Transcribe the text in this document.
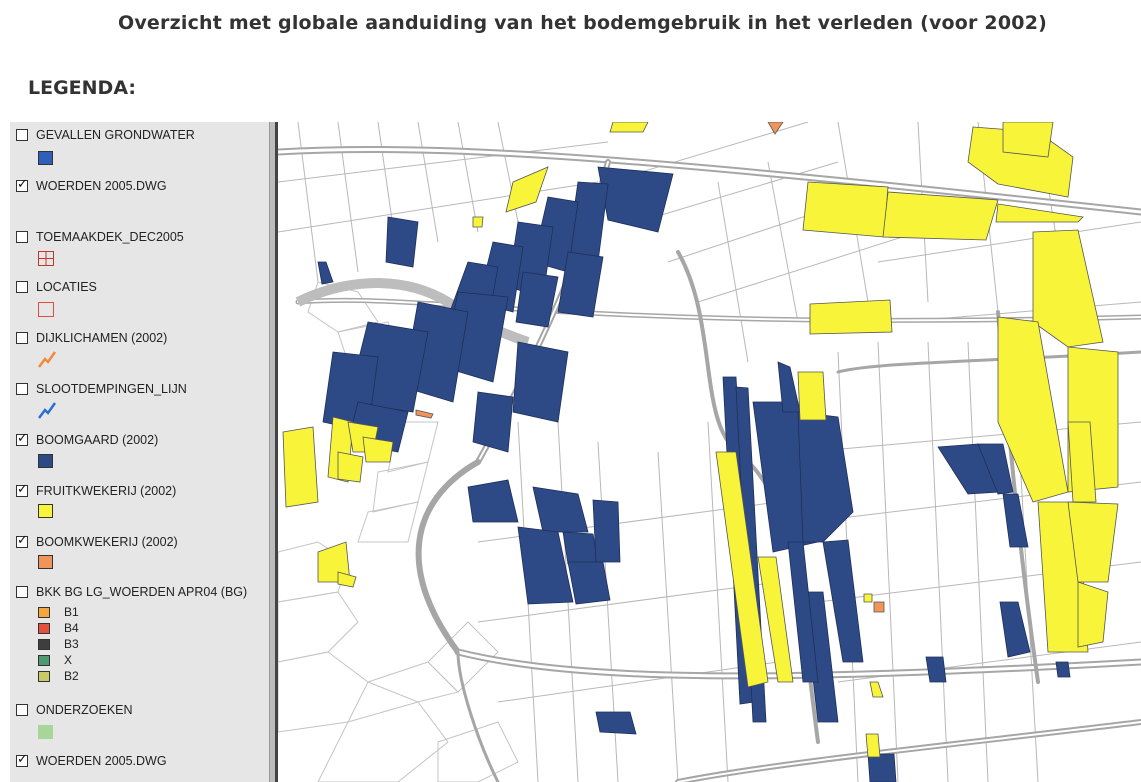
Overzicht met globale aanduiding van het bodemgebruik in het verleden (voor 2002)
LEGENDA:
GEVALLEN GRONDWATER
✓
WOERDEN 2005.DWG
TOEMAAKDEK_DEC2005
LOCATIES
DIJKLICHAMEN (2002)
SLOOTDEMPINGEN_LIJN
✓
BOOMGAARD (2002)
✓
FRUITKWEKERIJ (2002)
✓
BOOMKWEKERIJ (2002)
BKK BG LG_WOERDEN APR04 (BG)
B1
B4
B3
X
B2
ONDERZOEKEN
✓
WOERDEN 2005.DWG
